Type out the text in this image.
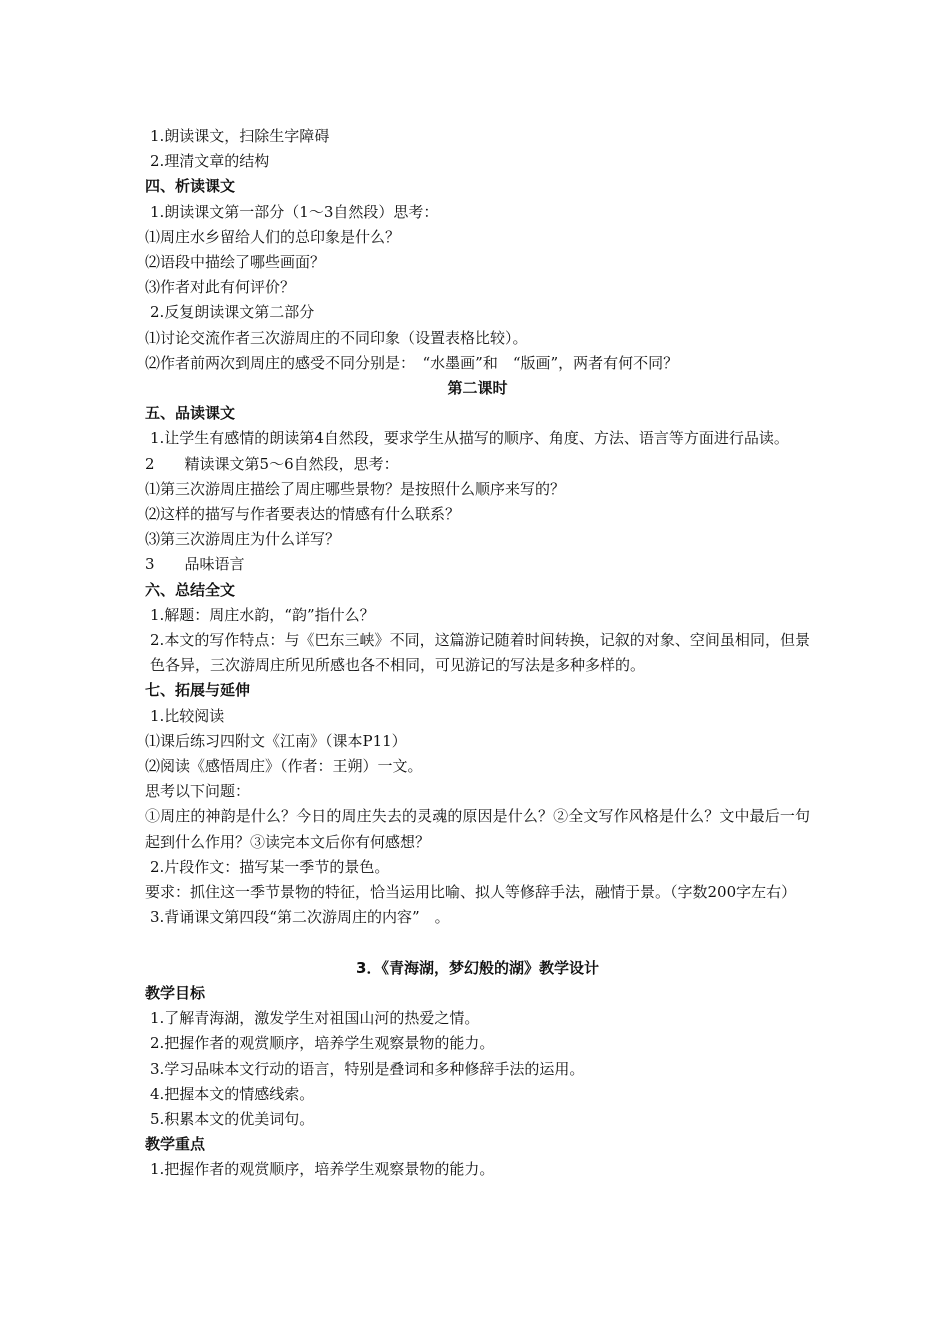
1.朗读课文，扫除生字障碍
2.理清文章的结构
四、析读课文
1.朗读课文第一部分（1～3自然段）思考：
⑴周庄水乡留给人们的总印象是什么？
⑵语段中描绘了哪些画面？
⑶作者对此有何评价？
2.反复朗读课文第二部分
⑴讨论交流作者三次游周庄的不同印象（设置表格比较）。
⑵作者前两次到周庄的感受不同分别是：　“水墨画”和　“版画”，两者有何不同？
第二课时
五、品读课文
1.让学生有感情的朗读第4自然段，要求学生从描写的顺序、角度、方法、语言等方面进行品读。
2　　精读课文第5～6自然段，思考：
⑴第三次游周庄描绘了周庄哪些景物？是按照什么顺序来写的？
⑵这样的描写与作者要表达的情感有什么联系？
⑶第三次游周庄为什么详写？
3　　品味语言
六、总结全文
1.解题：周庄水韵，“韵”指什么？
2.本文的写作特点：与《巴东三峡》不同，这篇游记随着时间转换，记叙的对象、空间虽相同，但景色各异，三次游周庄所见所感也各不相同，可见游记的写法是多种多样的。
七、拓展与延伸
1.比较阅读
⑴课后练习四附文《江南》（课本P11）
⑵阅读《感悟周庄》（作者：王朔）一文。
思考以下问题：
①周庄的神韵是什么？今日的周庄失去的灵魂的原因是什么？②全文写作风格是什么？文中最后一句起到什么作用？③读完本文后你有何感想？
2.片段作文：描写某一季节的景色。
要求：抓住这一季节景物的特征，恰当运用比喻、拟人等修辞手法，融情于景。（字数200字左右）
3.背诵课文第四段“第二次游周庄的内容”　。
3．《青海湖，梦幻般的湖》教学设计
教学目标
1.了解青海湖，激发学生对祖国山河的热爱之情。
2.把握作者的观赏顺序，培养学生观察景物的能力。
3.学习品味本文行动的语言，特别是叠词和多种修辞手法的运用。
4.把握本文的情感线索。
5.积累本文的优美词句。
教学重点
1.把握作者的观赏顺序，培养学生观察景物的能力。
